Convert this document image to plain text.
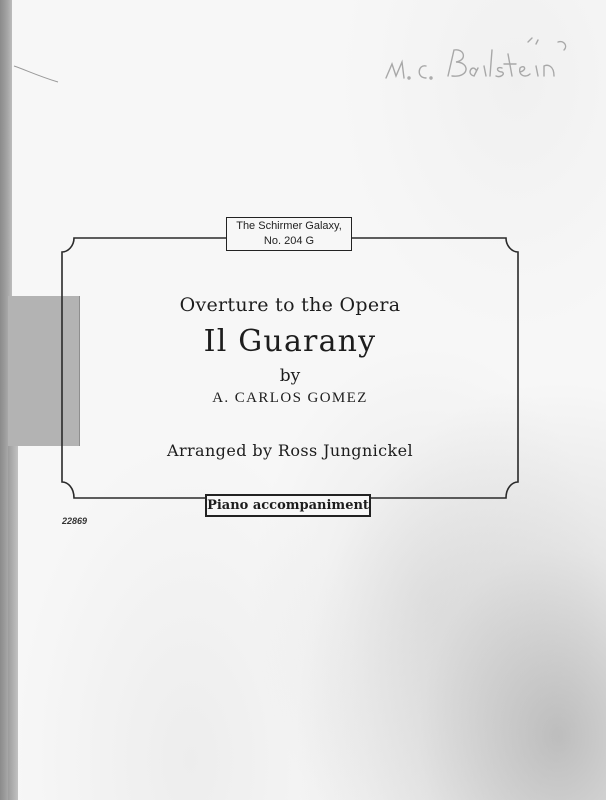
The Schirmer Galaxy,
No. 204 G
Overture to the Opera
Il Guarany
by
A. CARLOS GOMEZ
Arranged by Ross Jungnickel
Piano accompaniment
22869
